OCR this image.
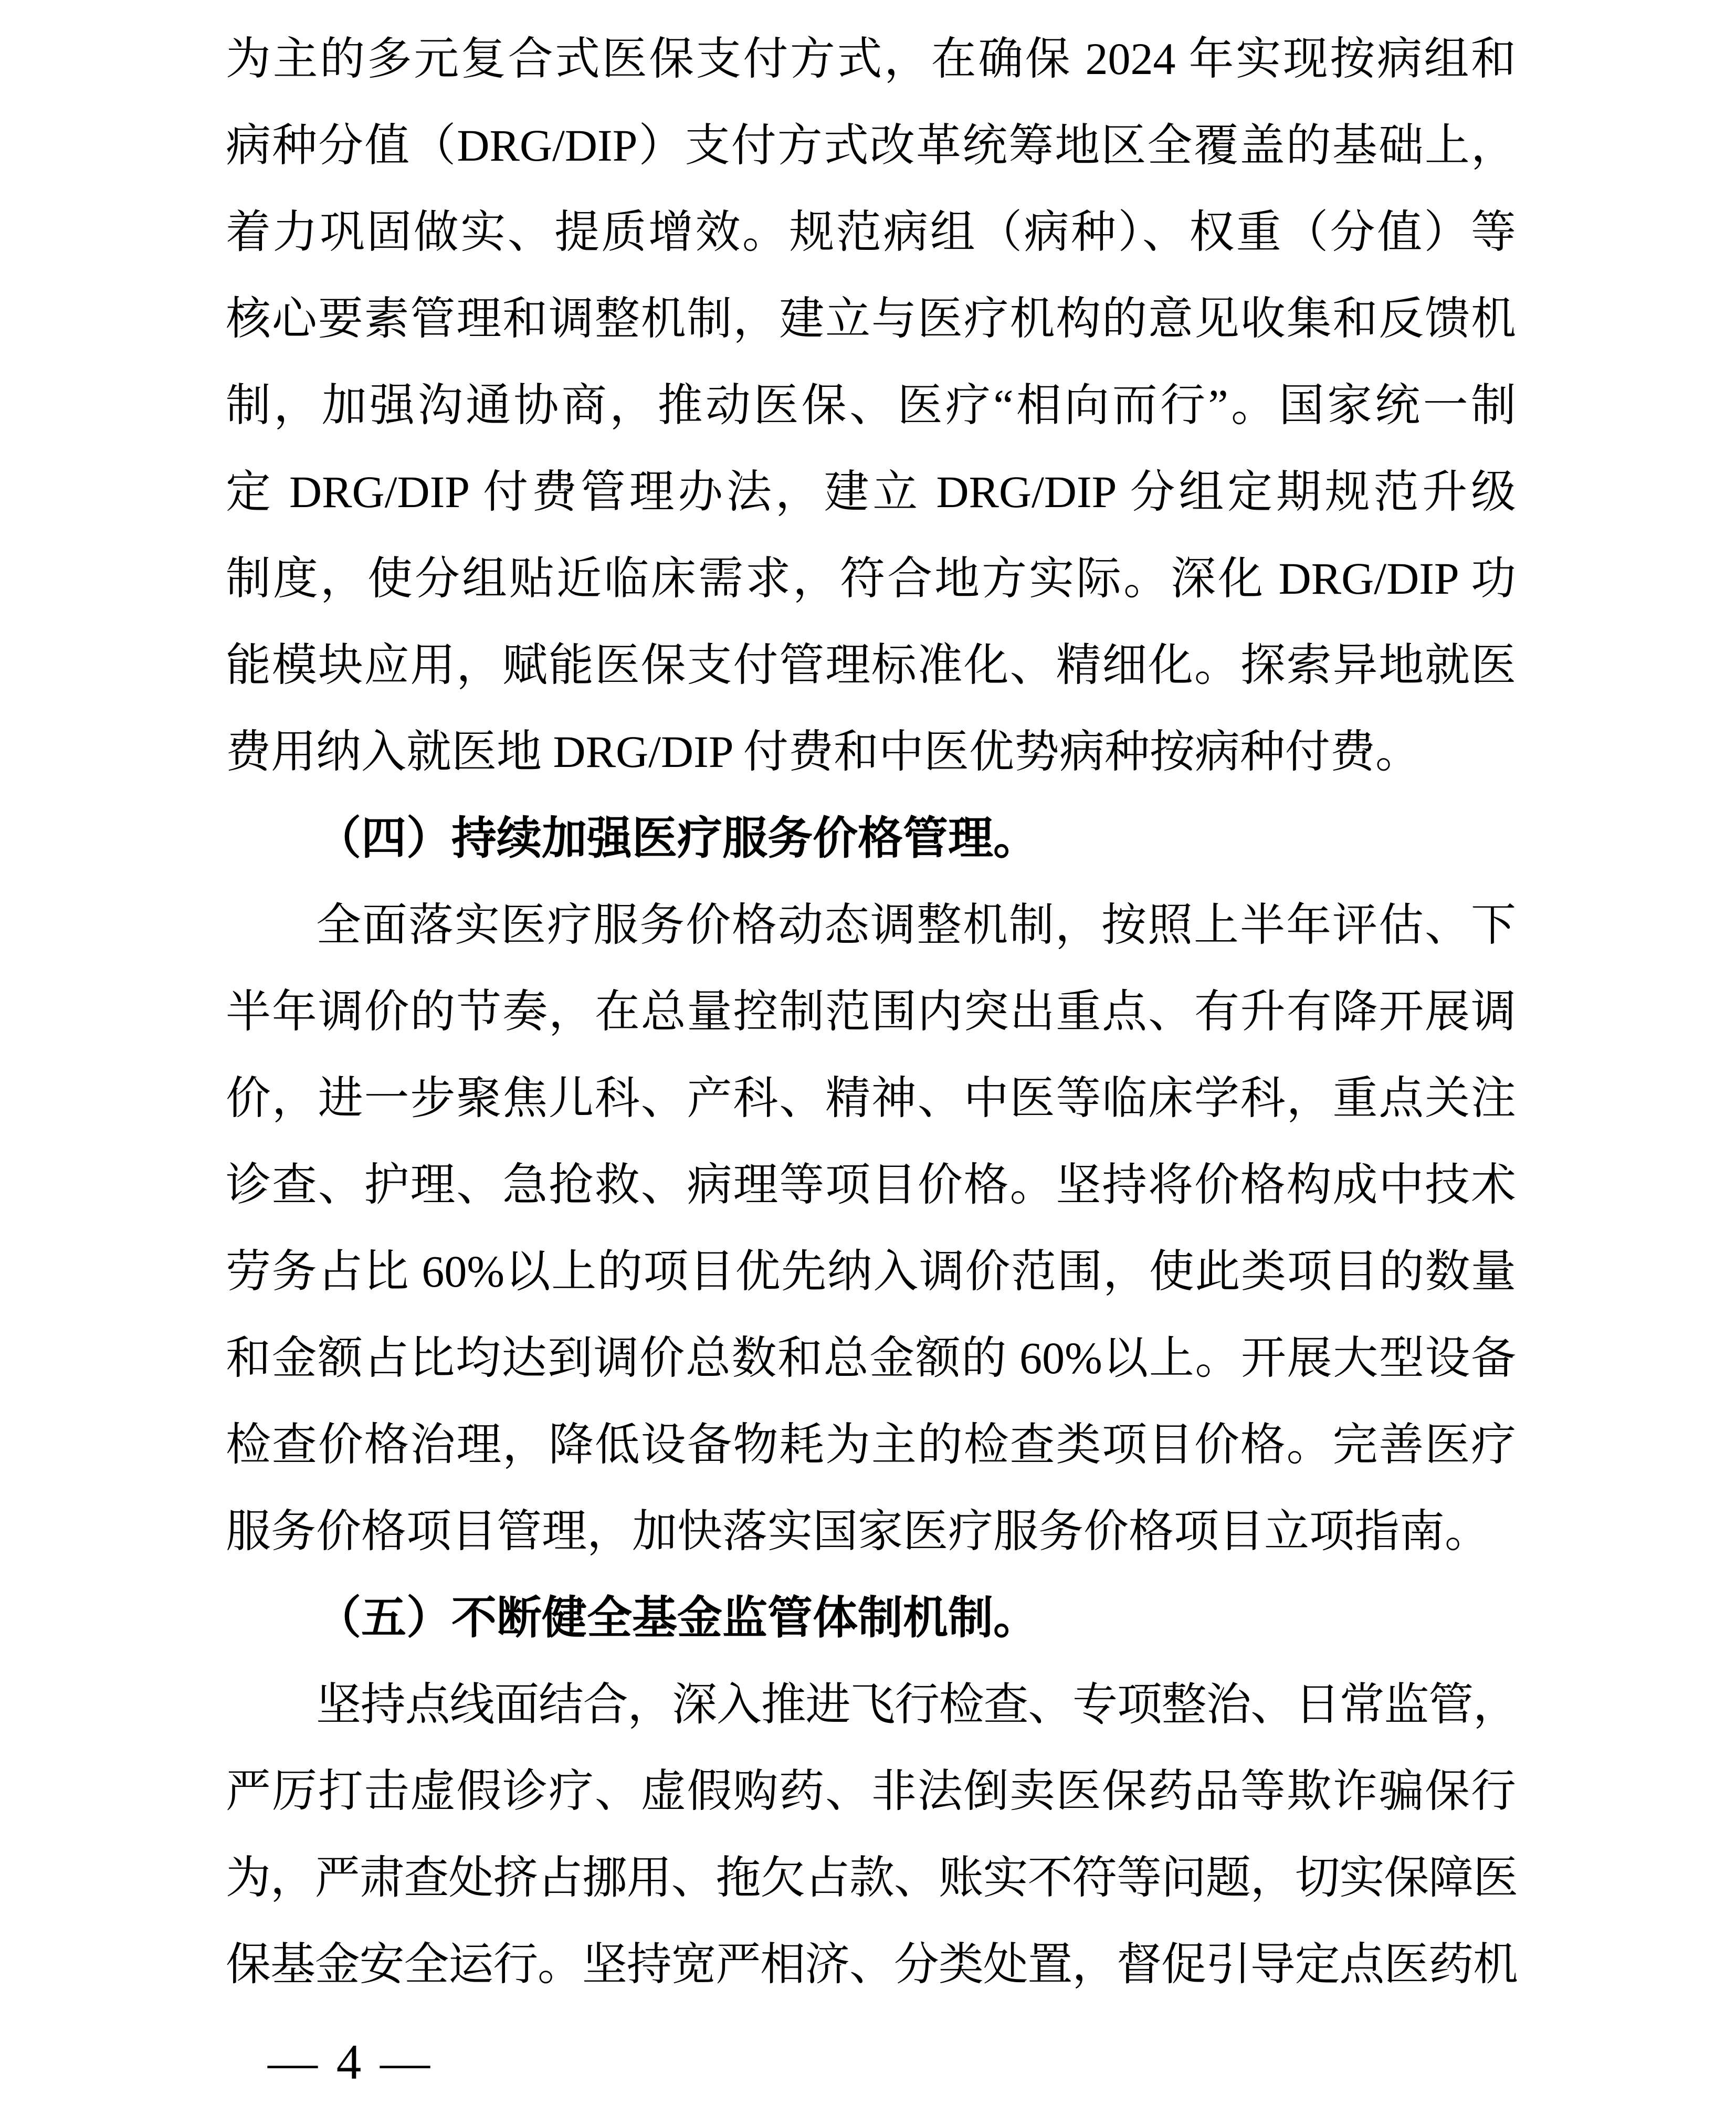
为主的多元复合式医保支付方式，在确保 2024 年实现按病组和
病种分值（DRG/DIP）支付方式改革统筹地区全覆盖的基础上，
着力巩固做实、提质增效。规范病组（病种）、权重（分值）等
核心要素管理和调整机制，建立与医疗机构的意见收集和反馈机
制，加强沟通协商，推动医保、医疗“相向而行”。国家统一制
定 DRG/DIP 付费管理办法，建立 DRG/DIP 分组定期规范升级
制度，使分组贴近临床需求，符合地方实际。深化 DRG/DIP 功
能模块应用，赋能医保支付管理标准化、精细化。探索异地就医
费用纳入就医地 DRG/DIP 付费和中医优势病种按病种付费。
（四）持续加强医疗服务价格管理。
全面落实医疗服务价格动态调整机制，按照上半年评估、下
半年调价的节奏，在总量控制范围内突出重点、有升有降开展调
价，进一步聚焦儿科、产科、精神、中医等临床学科，重点关注
诊查、护理、急抢救、病理等项目价格。坚持将价格构成中技术
劳务占比 60%以上的项目优先纳入调价范围，使此类项目的数量
和金额占比均达到调价总数和总金额的 60%以上。开展大型设备
检查价格治理，降低设备物耗为主的检查类项目价格。完善医疗
服务价格项目管理，加快落实国家医疗服务价格项目立项指南。
（五）不断健全基金监管体制机制。
坚持点线面结合，深入推进飞行检查、专项整治、日常监管，
严厉打击虚假诊疗、虚假购药、非法倒卖医保药品等欺诈骗保行
为，严肃查处挤占挪用、拖欠占款、账实不符等问题，切实保障医
保基金安全运行。坚持宽严相济、分类处置，督促引导定点医药机
— 4 —
